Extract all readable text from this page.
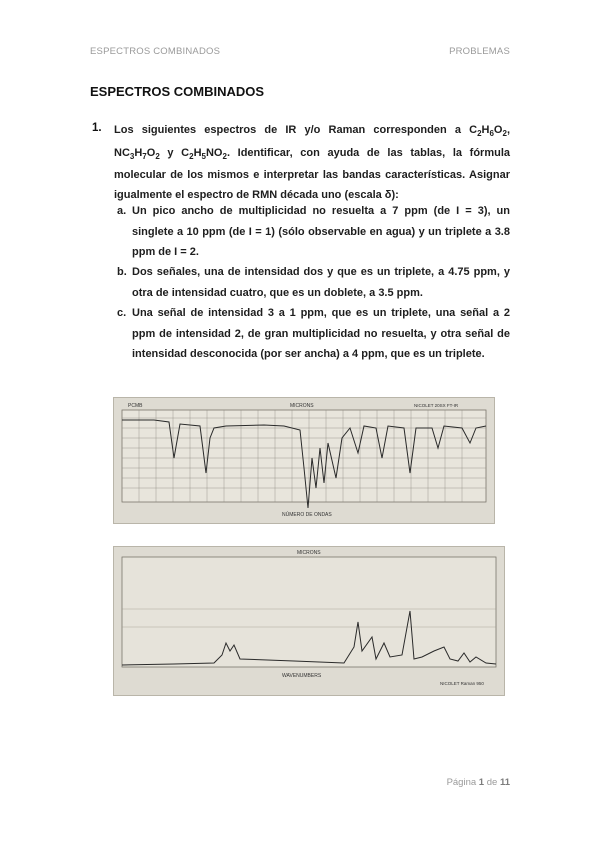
ESPECTROS COMBINADOS	PROBLEMAS
ESPECTROS COMBINADOS
1. Los siguientes espectros de IR y/o Raman corresponden a $C_2H_6O_2$, $NC_3H_7O_2$ y $C_2H_5NO_2$. Identificar, con ayuda de las tablas, la fórmula molecular de los mismos e interpretar las bandas características. Asignar igualmente el espectro de RMN década uno (escala δ):
a. Un pico ancho de multiplicidad no resuelta a 7 ppm (de I = 3), un singlete a 10 ppm (de I = 1) (sólo observable en agua) y un triplete a 3.8 ppm de I = 2.
b. Dos señales, una de intensidad dos y que es un triplete, a 4.75 ppm, y otra de intensidad cuatro, que es un doblete, a 3.5 ppm.
c. Una señal de intensidad 3 a 1 ppm, que es un triplete, una señal a 2 ppm de intensidad 2, de gran multiplicidad no resuelta, y otra señal de intensidad desconocida (por ser ancha) a 4 ppm, que es un triplete.
PCMB	MICRONS	NICOLET 20SX FT-IR
NÚMERO DE ONDAS
MICRONS
WAVENUMBERS
NICOLET Raman 950
Página 1 de 11
